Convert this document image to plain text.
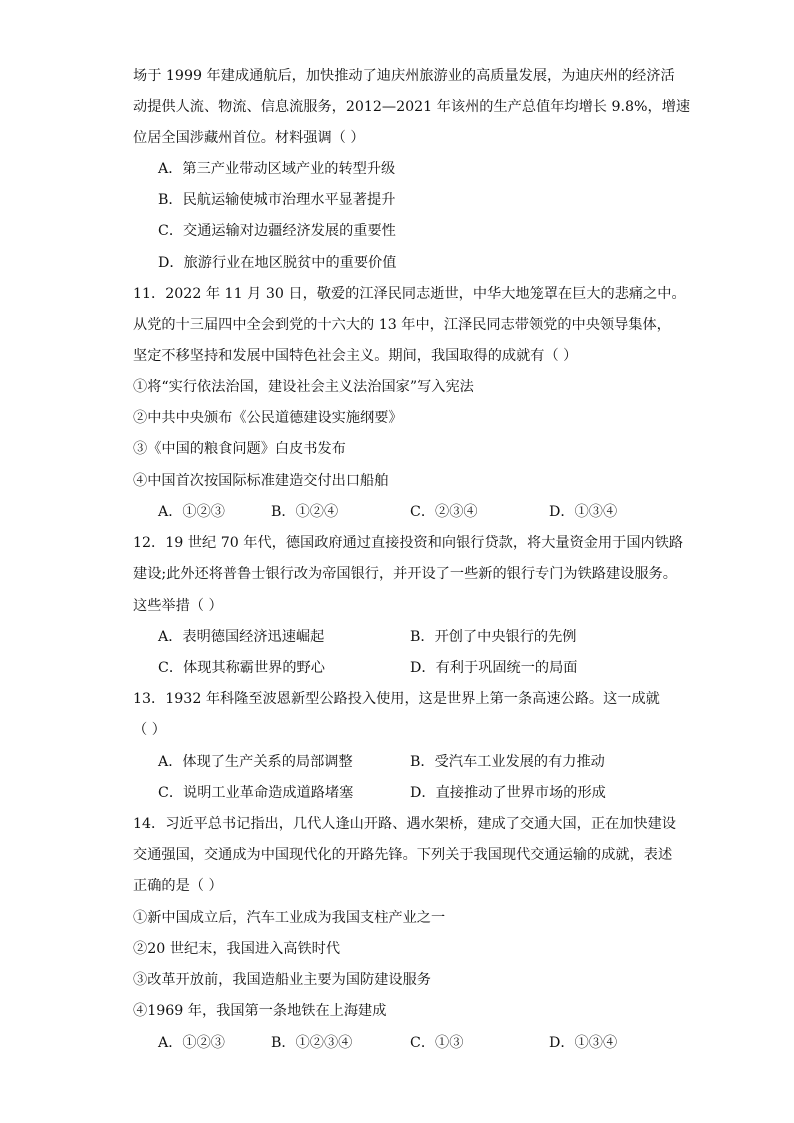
场于 1999 年建成通航后，加快推动了迪庆州旅游业的高质量发展，为迪庆州的经济活
动提供人流、物流、信息流服务，2012—2021 年该州的生产总值年均增长 9.8%，增速
位居全国涉藏州首位。材料强调（ ）
A．第三产业带动区域产业的转型升级
B．民航运输使城市治理水平显著提升
C．交通运输对边疆经济发展的重要性
D．旅游行业在地区脱贫中的重要价值
11．2022 年 11 月 30 日，敬爱的江泽民同志逝世，中华大地笼罩在巨大的悲痛之中。
从党的十三届四中全会到党的十六大的 13 年中，江泽民同志带领党的中央领导集体，
坚定不移坚持和发展中国特色社会主义。期间，我国取得的成就有（ ）
①将“实行依法治国，建设社会主义法治国家”写入宪法
②中共中央颁布《公民道德建设实施纲要》
③《中国的粮食问题》白皮书发布
④中国首次按国际标准建造交付出口船舶
A．①②③	B．①②④	C．②③④	D．①③④
12．19 世纪 70 年代，德国政府通过直接投资和向银行贷款，将大量资金用于国内铁路
建设;此外还将普鲁士银行改为帝国银行，并开设了一些新的银行专门为铁路建设服务。
这些举措（ ）
A．表明德国经济迅速崛起	B．开创了中央银行的先例
C．体现其称霸世界的野心	D．有利于巩固统一的局面
13．1932 年科隆至波恩新型公路投入使用，这是世界上第一条高速公路。这一成就
（ ）
A．体现了生产关系的局部调整	B．受汽车工业发展的有力推动
C．说明工业革命造成道路堵塞	D．直接推动了世界市场的形成
14．习近平总书记指出，几代人逢山开路、遇水架桥，建成了交通大国，正在加快建设
交通强国，交通成为中国现代化的开路先锋。下列关于我国现代交通运输的成就，表述
正确的是（ ）
①新中国成立后，汽车工业成为我国支柱产业之一
②20 世纪末，我国进入高铁时代
③改革开放前，我国造船业主要为国防建设服务
④1969 年，我国第一条地铁在上海建成
A．①②③	B．①②③④	C．①③	D．①③④
